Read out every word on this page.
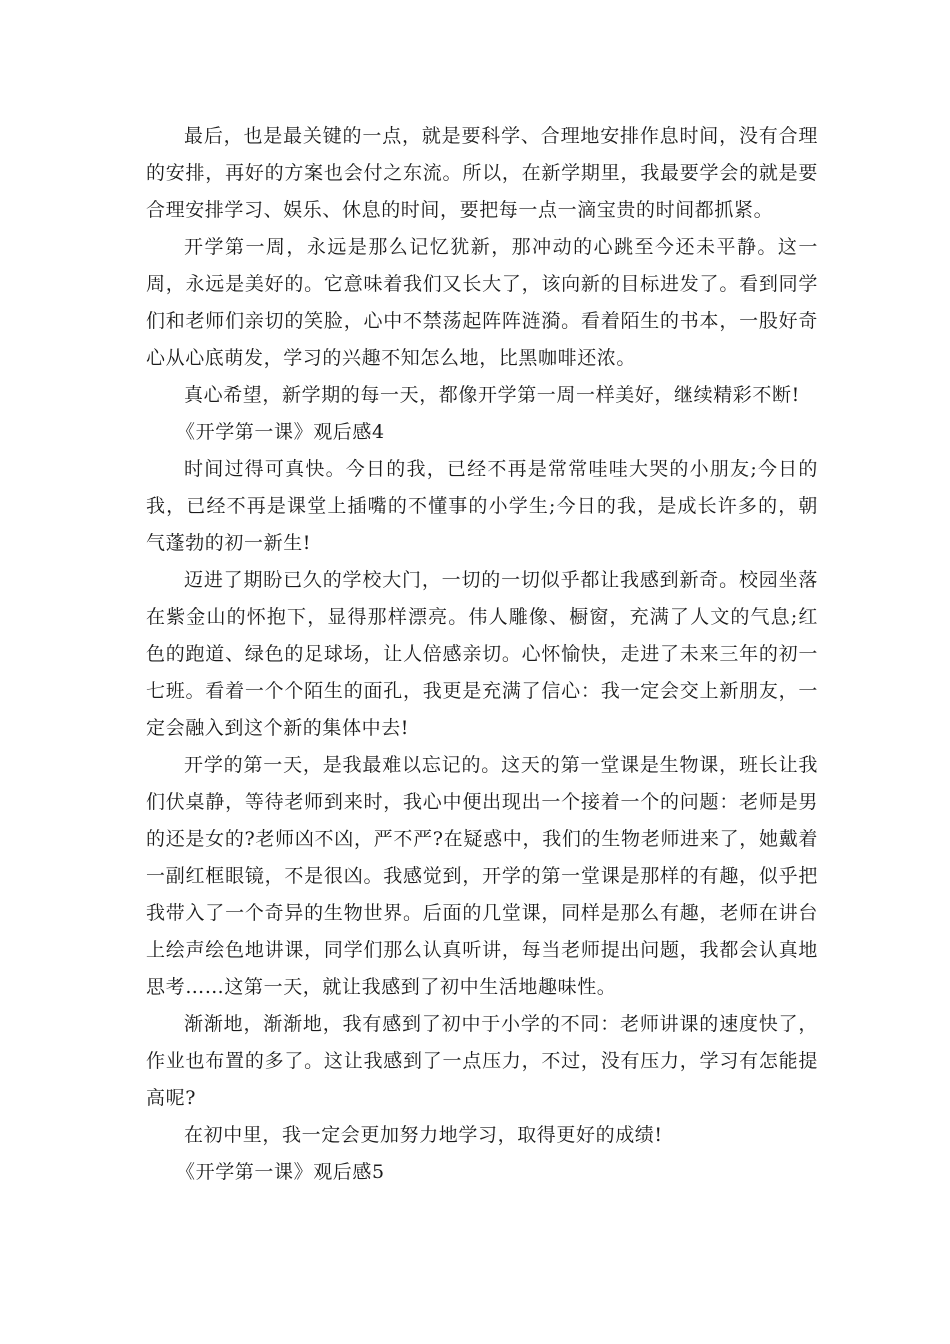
最后，也是最关键的一点，就是要科学、合理地安排作息时间，没有合理的安排，再好的方案也会付之东流。所以，在新学期里，我最要学会的就是要合理安排学习、娱乐、休息的时间，要把每一点一滴宝贵的时间都抓紧。

开学第一周，永远是那么记忆犹新，那冲动的心跳至今还未平静。这一周，永远是美好的。它意味着我们又长大了，该向新的目标进发了。看到同学们和老师们亲切的笑脸，心中不禁荡起阵阵涟漪。看着陌生的书本，一股好奇心从心底萌发，学习的兴趣不知怎么地，比黑咖啡还浓。

真心希望，新学期的每一天，都像开学第一周一样美好，继续精彩不断!

《开学第一课》观后感4

时间过得可真快。今日的我，已经不再是常常哇哇大哭的小朋友;今日的我，已经不再是课堂上插嘴的不懂事的小学生;今日的我，是成长许多的，朝气蓬勃的初一新生!

迈进了期盼已久的学校大门，一切的一切似乎都让我感到新奇。校园坐落在紫金山的怀抱下，显得那样漂亮。伟人雕像、橱窗，充满了人文的气息;红色的跑道、绿色的足球场，让人倍感亲切。心怀愉快，走进了未来三年的初一七班。看着一个个陌生的面孔，我更是充满了信心：我一定会交上新朋友，一定会融入到这个新的集体中去!

开学的第一天，是我最难以忘记的。这天的第一堂课是生物课，班长让我们伏桌静，等待老师到来时，我心中便出现出一个接着一个的问题：老师是男的还是女的?老师凶不凶，严不严?在疑惑中，我们的生物老师进来了，她戴着一副红框眼镜，不是很凶。我感觉到，开学的第一堂课是那样的有趣，似乎把我带入了一个奇异的生物世界。后面的几堂课，同样是那么有趣，老师在讲台上绘声绘色地讲课，同学们那么认真听讲，每当老师提出问题，我都会认真地思考……这第一天，就让我感到了初中生活地趣味性。

渐渐地，渐渐地，我有感到了初中于小学的不同：老师讲课的速度快了，作业也布置的多了。这让我感到了一点压力，不过，没有压力，学习有怎能提高呢?

在初中里，我一定会更加努力地学习，取得更好的成绩!

《开学第一课》观后感5
